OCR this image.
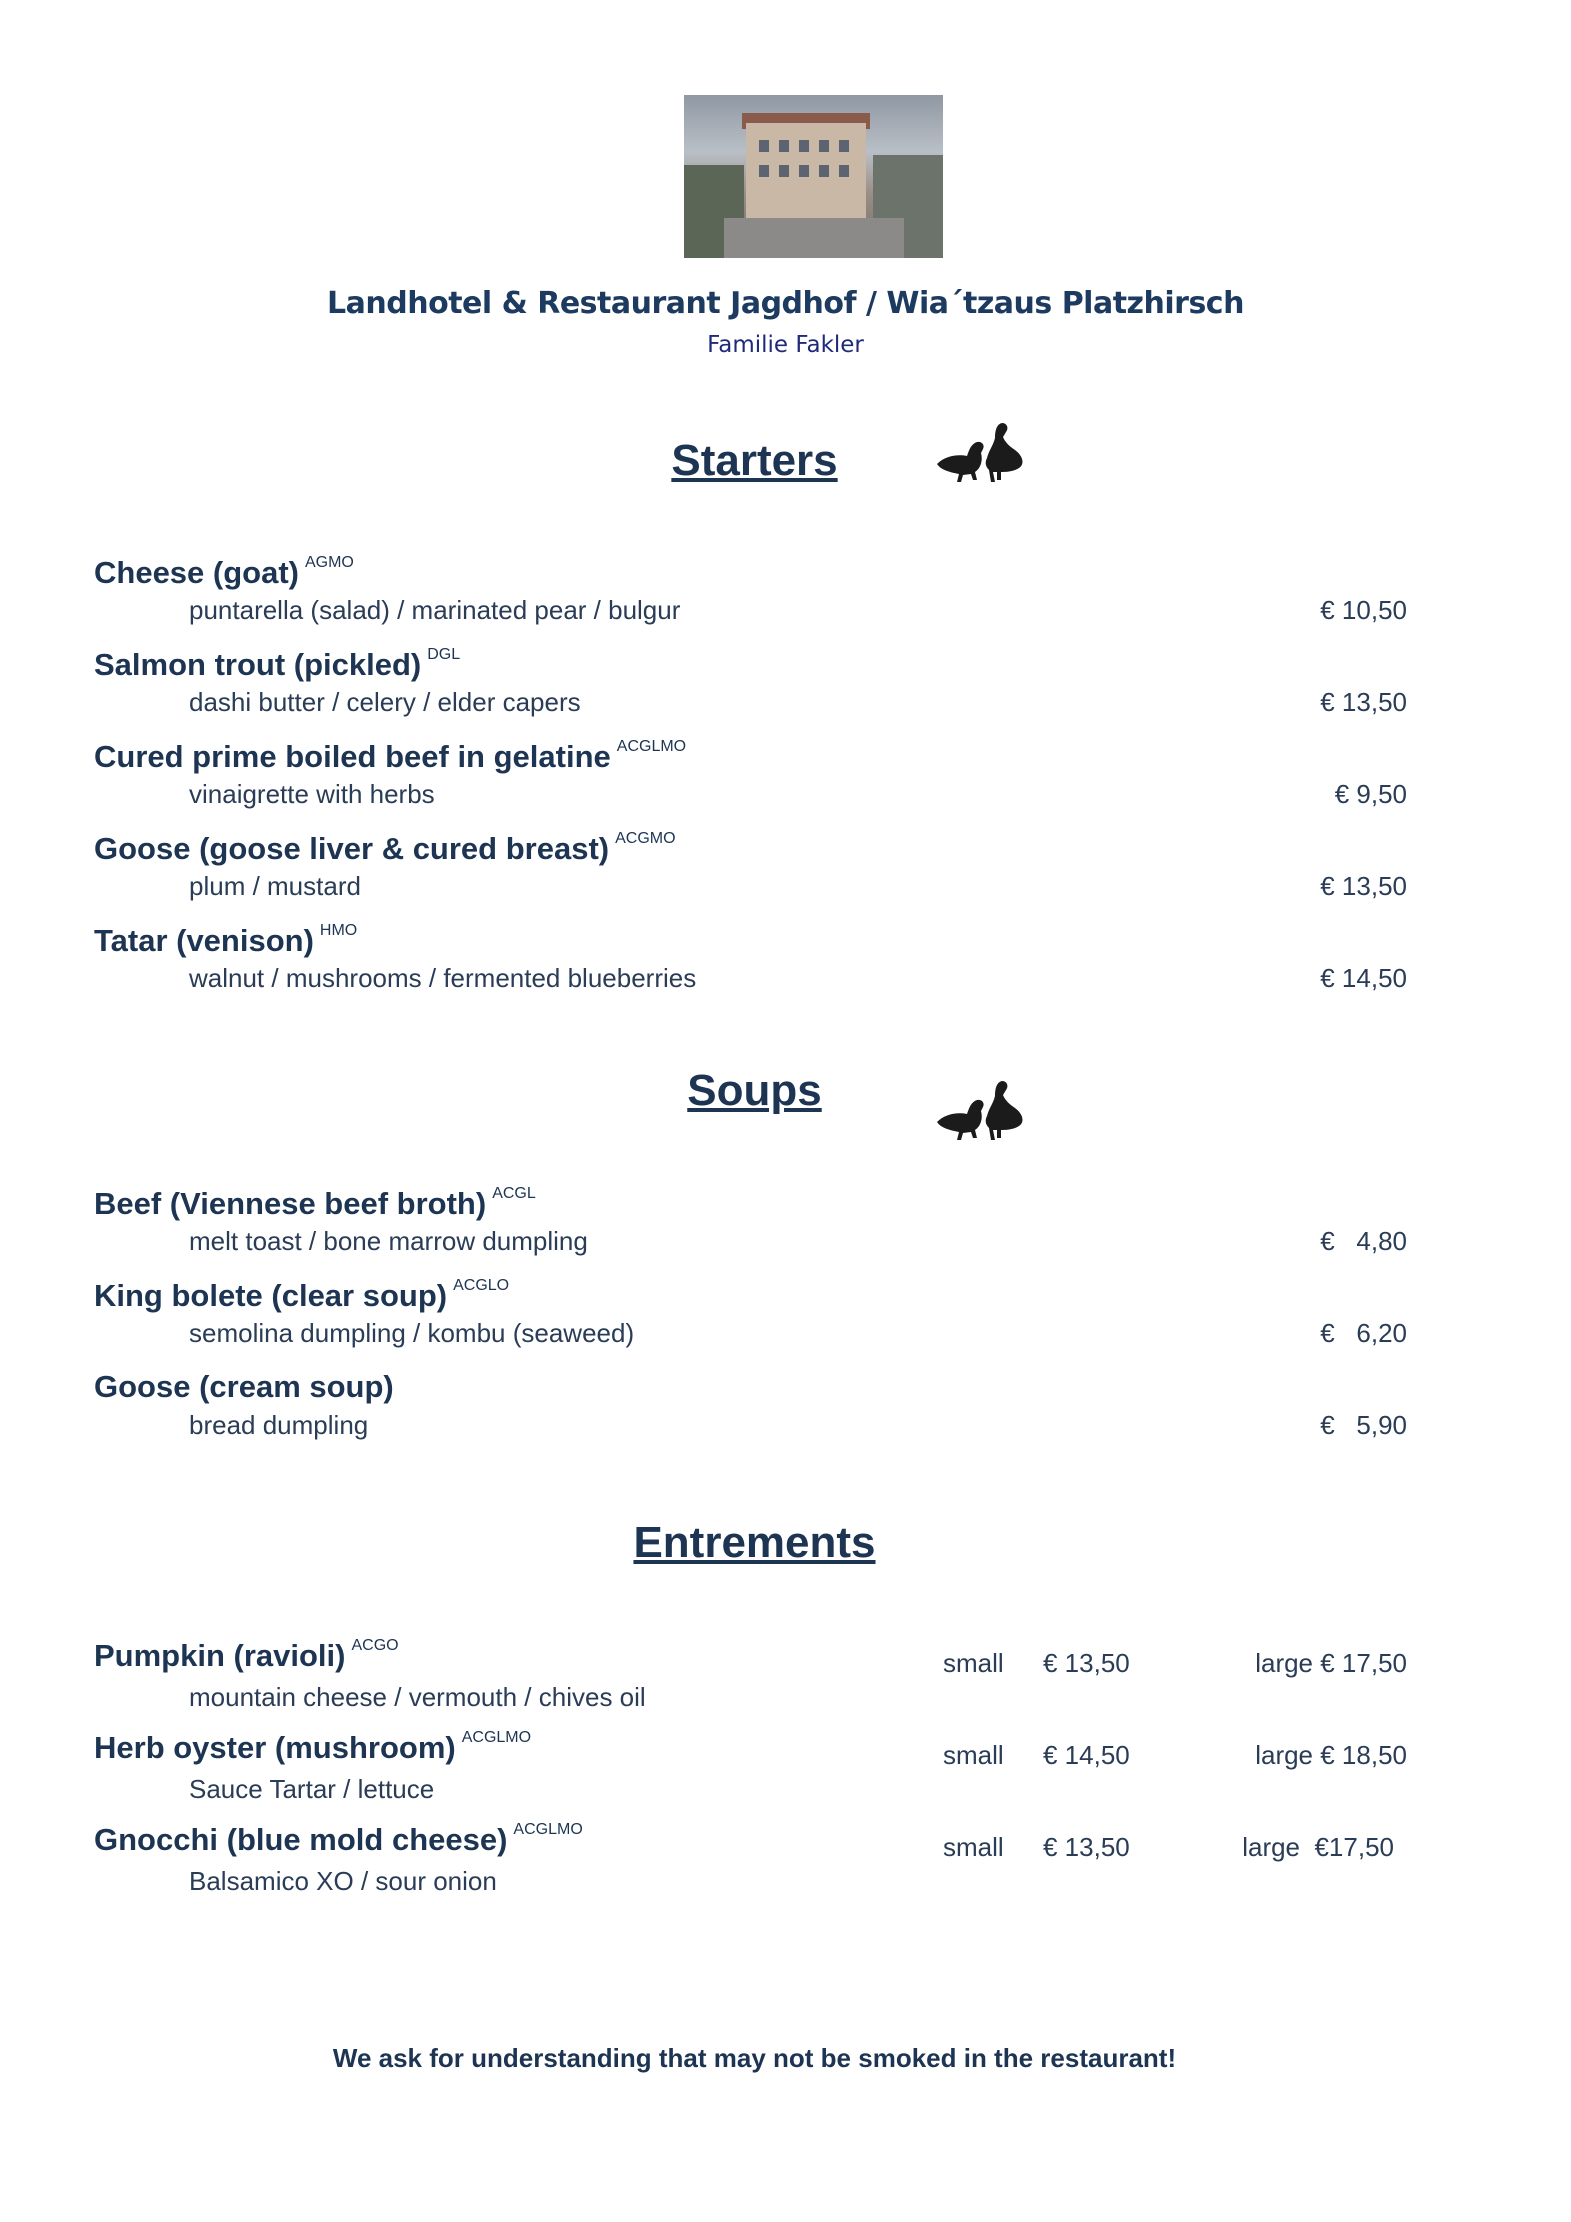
Landhotel & Restaurant Jagdhof / Wia´tzaus Platzhirsch
Familie Fakler
Starters
Cheese (goat) $^{AGMO}$
puntarella (salad) / marinated pear / bulgur	€ 10,50
Salmon trout (pickled) $^{DGL}$
dashi butter / celery / elder capers	€ 13,50
Cured prime boiled beef in gelatine $^{ACGLMO}$
vinaigrette with herbs	€ 9,50
Goose (goose liver & cured breast) $^{ACGMO}$
plum / mustard	€ 13,50
Tatar (venison) $^{HMO}$
walnut / mushrooms / fermented blueberries	€ 14,50
Soups
Beef (Viennese beef broth) $^{ACGL}$
melt toast / bone marrow dumpling	€   4,80
King bolete (clear soup) $^{ACGLO}$
semolina dumpling / kombu (seaweed)	€   6,20
Goose (cream soup)
bread dumpling	€   5,90
Entrements
Pumpkin (ravioli) $^{ACGO}$
small € 13,50	large € 17,50
mountain cheese / vermouth / chives oil
Herb oyster (mushroom) $^{ACGLMO}$
small € 14,50	large € 18,50
Sauce Tartar / lettuce
Gnocchi (blue mold cheese) $^{ACGLMO}$
small € 13,50	large  €17,50
Balsamico XO / sour onion
We ask for understanding that may not be smoked in the restaurant!
